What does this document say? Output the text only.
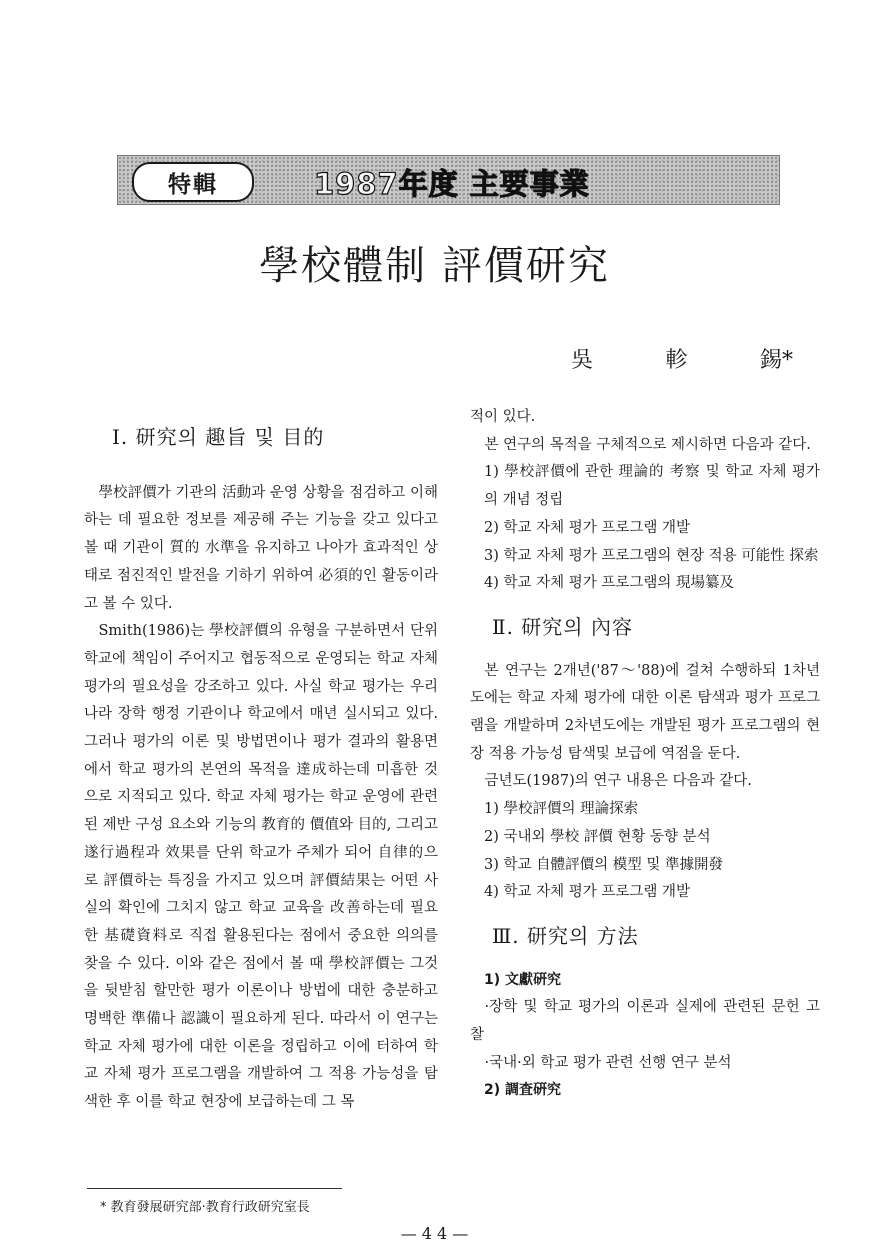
特輯	1987年度 主要事業
學校體制 評價研究
吳	軫	錫*

Ⅰ. 研究의 趣旨 및 目的

學校評價가 기관의 活動과 운영 상황을 점검하고 이해하는 데 필요한 정보를 제공해 주는 기능을 갖고 있다고 볼 때 기관이 質的 水準을 유지하고 나아가 효과적인 상태로 점진적인 발전을 기하기 위하여 必須的인 활동이라고 볼 수 있다.

Smith(1986)는 學校評價의 유형을 구분하면서 단위 학교에 책임이 주어지고 협동적으로 운영되는 학교 자체 평가의 필요성을 강조하고 있다. 사실 학교 평가는 우리 나라 장학 행정 기관이나 학교에서 매년 실시되고 있다. 그러나 평가의 이론 및 방법면이나 평가 결과의 활용면에서 학교 평가의 본연의 목적을 達成하는데 미흡한 것으로 지적되고 있다. 학교 자체 평가는 학교 운영에 관련된 제반 구성 요소와 기능의 教育的 價值와 目的, 그리고 遂行過程과 效果를 단위 학교가 주체가 되어 自律的으로 評價하는 특징을 가지고 있으며 評價結果는 어떤 사실의 확인에 그치지 않고 학교 교육을 改善하는데 필요한 基礎資料로 직접 활용된다는 점에서 중요한 의의를 찾을 수 있다. 이와 같은 점에서 볼 때 學校評價는 그것을 뒷받침 할만한 평가 이론이나 방법에 대한 충분하고 명백한 準備나 認識이 필요하게 된다. 따라서 이 연구는 학교 자체 평가에 대한 이론을 정립하고 이에 터하여 학교 자체 평가 프로그램을 개발하여 그 적용 가능성을 탐색한 후 이를 학교 현장에 보급하는데 그 목

적이 있다.

본 연구의 목적을 구체적으로 제시하면 다음과 같다.

1) 學校評價에 관한 理論的 考察 및 학교 자체 평가의 개념 정립

2) 학교 자체 평가 프로그램 개발

3) 학교 자체 평가 프로그램의 현장 적용 可能性 探索

4) 학교 자체 평가 프로그램의 現場纂及

Ⅱ. 研究의 內容

본 연구는 2개년('87～'88)에 걸쳐 수행하되 1차년도에는 학교 자체 평가에 대한 이론 탐색과 평가 프로그램을 개발하며 2차년도에는 개발된 평가 프로그램의 현장 적용 가능성 탐색및 보급에 역점을 둔다.

금년도(1987)의 연구 내용은 다음과 같다.

1) 學校評價의 理論探索

2) 국내외 學校 評價 현황 동향 분석

3) 학교 自體評價의 模型 및 準據開發

4) 학교 자체 평가 프로그램 개발

Ⅲ. 研究의 方法

1) 文獻硏究

·장학 및 학교 평가의 이론과 실제에 관련된 문헌 고찰

·국내·외 학교 평가 관련 선행 연구 분석

2) 調査硏究

* 教育發展研究部·教育行政研究室長
— 4 4 —
